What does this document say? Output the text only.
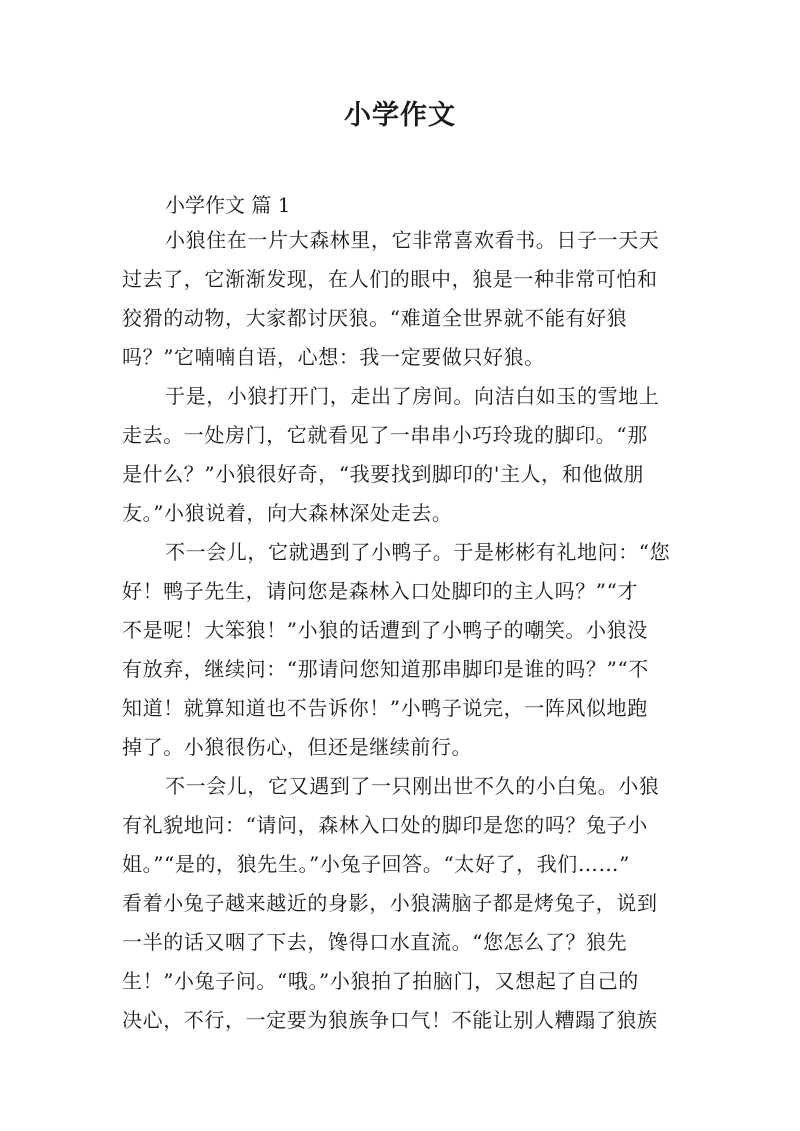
小学作文
小学作文 篇 1
小狼住在一片大森林里，它非常喜欢看书。日子一天天
过去了，它渐渐发现，在人们的眼中，狼是一种非常可怕和
狡猾的动物，大家都讨厌狼。“难道全世界就不能有好狼
吗？”它喃喃自语，心想：我一定要做只好狼。
于是，小狼打开门，走出了房间。向洁白如玉的雪地上
走去。一处房门，它就看见了一串串小巧玲珑的脚印。“那
是什么？”小狼很好奇，“我要找到脚印的'主人，和他做朋
友。”小狼说着，向大森林深处走去。
不一会儿，它就遇到了小鸭子。于是彬彬有礼地问：“您
好！鸭子先生，请问您是森林入口处脚印的主人吗？”“才
不是呢！大笨狼！”小狼的话遭到了小鸭子的嘲笑。小狼没
有放弃，继续问：“那请问您知道那串脚印是谁的吗？”“不
知道！就算知道也不告诉你！”小鸭子说完，一阵风似地跑
掉了。小狼很伤心，但还是继续前行。
不一会儿，它又遇到了一只刚出世不久的小白兔。小狼
有礼貌地问：“请问，森林入口处的脚印是您的吗？兔子小
姐。”“是的，狼先生。”小兔子回答。“太好了，我们……”
看着小兔子越来越近的身影，小狼满脑子都是烤兔子，说到
一半的话又咽了下去，馋得口水直流。“您怎么了？狼先
生！”小兔子问。“哦。”小狼拍了拍脑门，又想起了自己的
决心，不行，一定要为狼族争口气！不能让别人糟蹋了狼族
